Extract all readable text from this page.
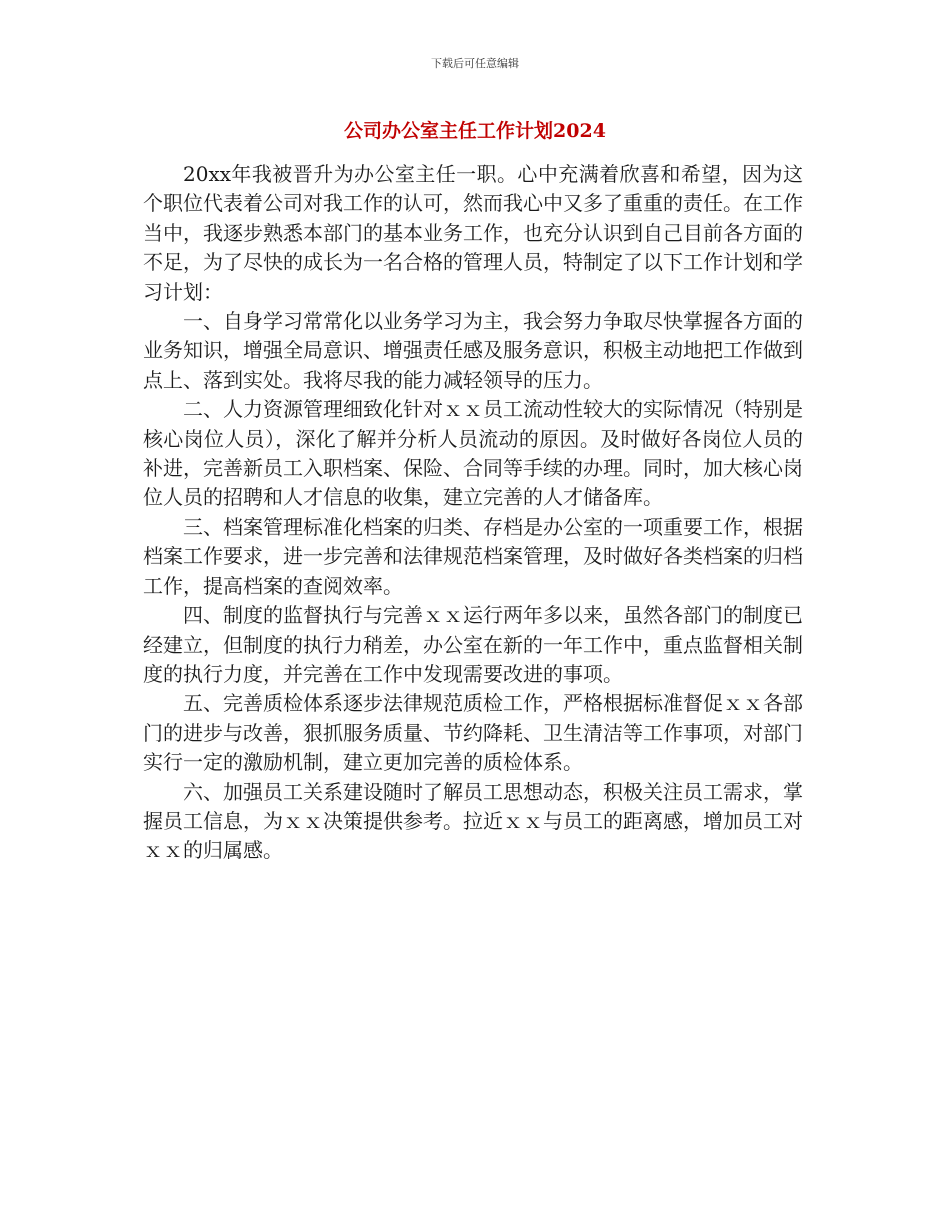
下载后可任意编辑
公司办公室主任工作计划2024

20xx年我被晋升为办公室主任一职。心中充满着欣喜和希望，因为这个职位代表着公司对我工作的认可，然而我心中又多了重重的责任。在工作当中，我逐步熟悉本部门的基本业务工作，也充分认识到自己目前各方面的不足，为了尽快的成长为一名合格的管理人员，特制定了以下工作计划和学习计划：

一、自身学习常常化以业务学习为主，我会努力争取尽快掌握各方面的业务知识，增强全局意识、增强责任感及服务意识，积极主动地把工作做到点上、落到实处。我将尽我的能力减轻领导的压力。

二、人力资源管理细致化针对ｘｘ员工流动性较大的实际情况（特别是核心岗位人员），深化了解并分析人员流动的原因。及时做好各岗位人员的补进，完善新员工入职档案、保险、合同等手续的办理。同时，加大核心岗位人员的招聘和人才信息的收集，建立完善的人才储备库。

三、档案管理标准化档案的归类、存档是办公室的一项重要工作，根据档案工作要求，进一步完善和法律规范档案管理，及时做好各类档案的归档工作，提高档案的查阅效率。

四、制度的监督执行与完善ｘｘ运行两年多以来，虽然各部门的制度已经建立，但制度的执行力稍差，办公室在新的一年工作中，重点监督相关制度的执行力度，并完善在工作中发现需要改进的事项。

五、完善质检体系逐步法律规范质检工作，严格根据标准督促ｘｘ各部门的进步与改善，狠抓服务质量、节约降耗、卫生清洁等工作事项，对部门实行一定的激励机制，建立更加完善的质检体系。

六、加强员工关系建设随时了解员工思想动态，积极关注员工需求，掌握员工信息，为ｘｘ决策提供参考。拉近ｘｘ与员工的距离感，增加员工对ｘｘ的归属感。
